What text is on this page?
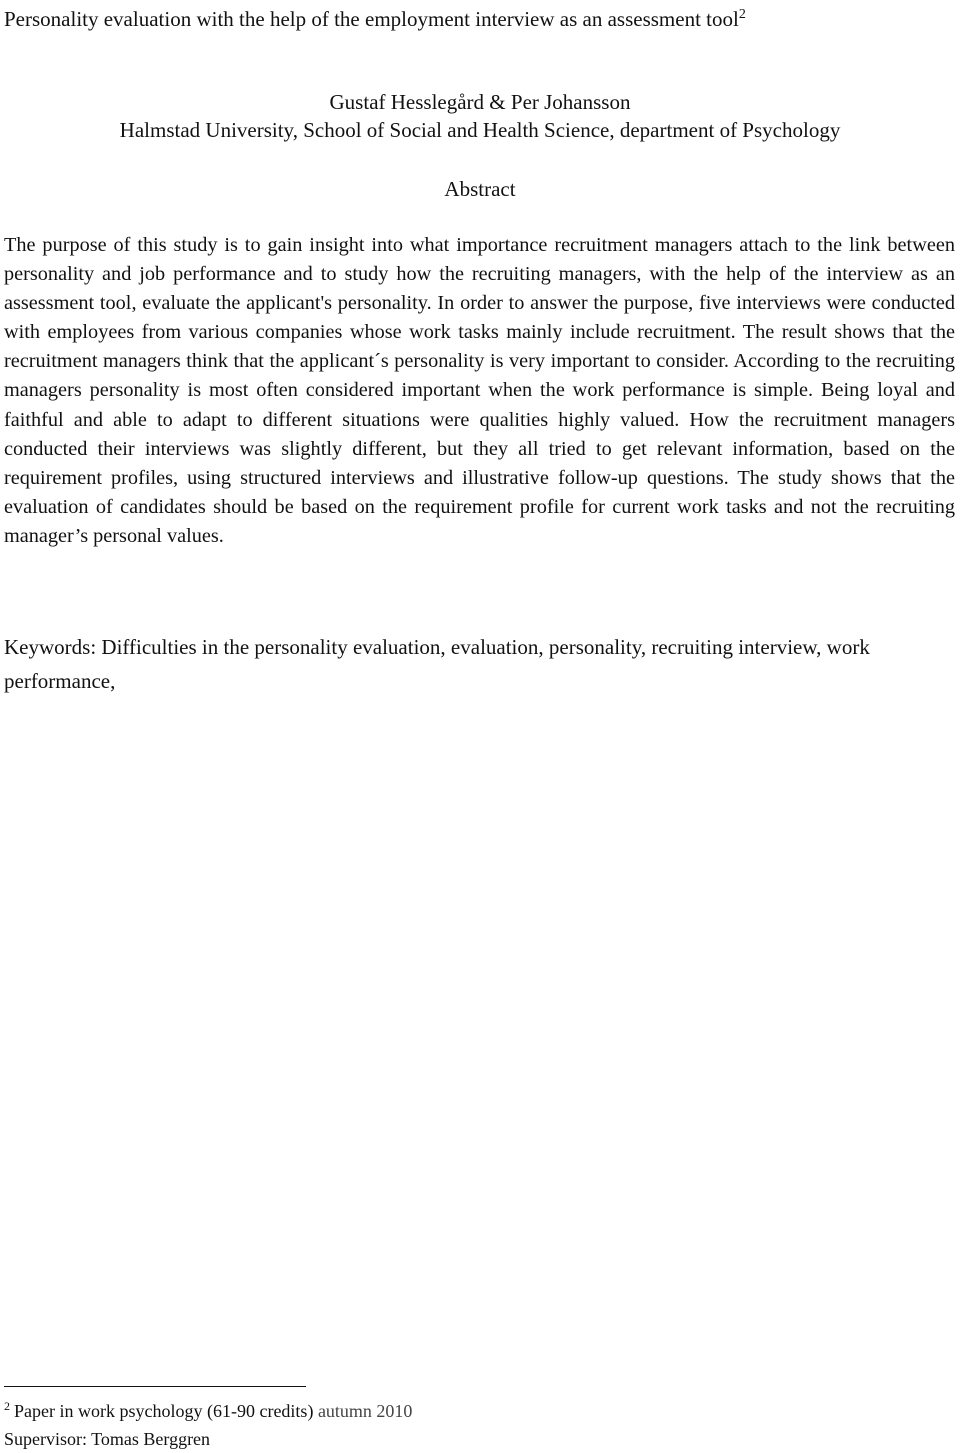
Personality evaluation with the help of the employment interview as an assessment tool$^2$
Gustaf Hesslegård & Per Johansson
Halmstad University, School of Social and Health Science, department of Psychology
Abstract
The purpose of this study is to gain insight into what importance recruitment managers attach to the link between personality and job performance and to study how the recruiting managers, with the help of the interview as an assessment tool, evaluate the applicant's personality. In order to answer the purpose, five interviews were conducted with employees from various companies whose work tasks mainly include recruitment. The result shows that the recruitment managers think that the applicant´s personality is very important to consider. According to the recruiting managers personality is most often considered important when the work performance is simple. Being loyal and faithful and able to adapt to different situations were qualities highly valued. How the recruitment managers conducted their interviews was slightly different, but they all tried to get relevant information, based on the requirement profiles, using structured interviews and illustrative follow-up questions. The study shows that the evaluation of candidates should be based on the requirement profile for current work tasks and not the recruiting manager’s personal values.
Keywords: Difficulties in the personality evaluation, evaluation, personality, recruiting interview, work performance,
$^2$ Paper in work psychology (61-90 credits) autumn 2010
Supervisor: Tomas Berggren
